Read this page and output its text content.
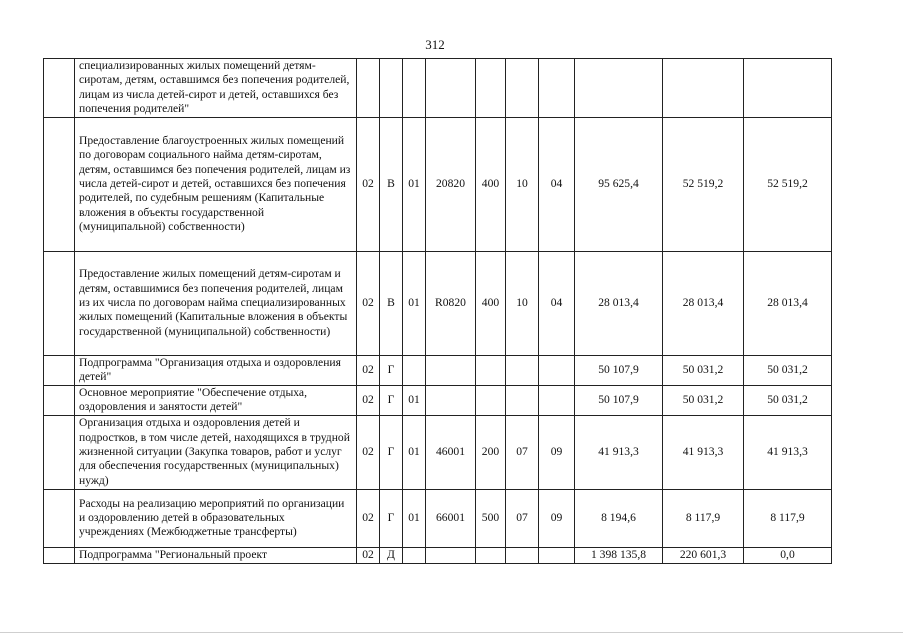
312
	специализированных жилых помещений детям-сиротам, детям, оставшимся без попечения родителей, лицам из числа детей-сирот и детей, оставшихся без попечения родителей"										
	Предоставление благоустроенных жилых помещений по договорам социального найма детям-сиротам, детям, оставшимся без попечения родителей, лицам из числа детей-сирот и детей, оставшихся без попечения родителей, по судебным решениям (Капитальные вложения в объекты государственной (муниципальной) собственности)	02	В	01	20820	400	10	04	95 625,4	52 519,2	52 519,2
	Предоставление жилых помещений детям-сиротам и детям, оставшимися без попечения родителей, лицам из их числа по договорам найма специализированных жилых помещений (Капитальные вложения в объекты государственной (муниципальной) собственности)	02	В	01	R0820	400	10	04	28 013,4	28 013,4	28 013,4
	Подпрограмма "Организация отдыха и оздоровления детей"	02	Г						50 107,9	50 031,2	50 031,2
	Основное мероприятие "Обеспечение отдыха, оздоровления и занятости детей"	02	Г	01					50 107,9	50 031,2	50 031,2
	Организация отдыха и оздоровления детей и подростков, в том числе детей, находящихся в трудной жизненной ситуации (Закупка товаров, работ и услуг для обеспечения государственных (муниципальных) нужд)	02	Г	01	46001	200	07	09	41 913,3	41 913,3	41 913,3
	Расходы на реализацию мероприятий по организации и оздоровлению детей в образовательных учреждениях (Межбюджетные трансферты)	02	Г	01	66001	500	07	09	8 194,6	8 117,9	8 117,9
	Подпрограмма "Региональный проект	02	Д						1 398 135,8	220 601,3	0,0
